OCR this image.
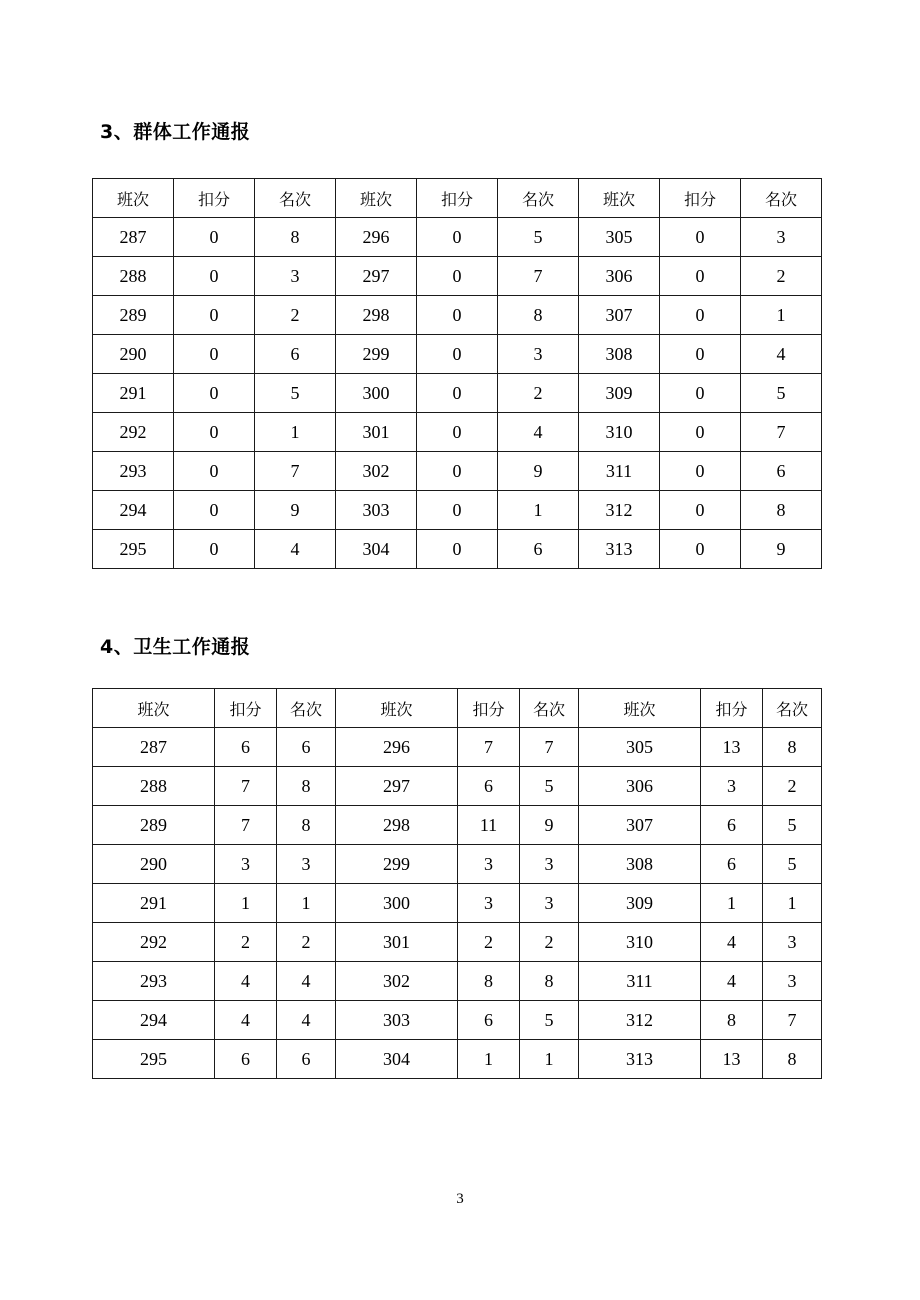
3、群体工作通报
班次	扣分	名次	班次	扣分	名次	班次	扣分	名次
287	0	8	296	0	5	305	0	3
288	0	3	297	0	7	306	0	2
289	0	2	298	0	8	307	0	1
290	0	6	299	0	3	308	0	4
291	0	5	300	0	2	309	0	5
292	0	1	301	0	4	310	0	7
293	0	7	302	0	9	311	0	6
294	0	9	303	0	1	312	0	8
295	0	4	304	0	6	313	0	9
4、卫生工作通报
班次	扣分	名次	班次	扣分	名次	班次	扣分	名次
287	6	6	296	7	7	305	13	8
288	7	8	297	6	5	306	3	2
289	7	8	298	11	9	307	6	5
290	3	3	299	3	3	308	6	5
291	1	1	300	3	3	309	1	1
292	2	2	301	2	2	310	4	3
293	4	4	302	8	8	311	4	3
294	4	4	303	6	5	312	8	7
295	6	6	304	1	1	313	13	8
3
